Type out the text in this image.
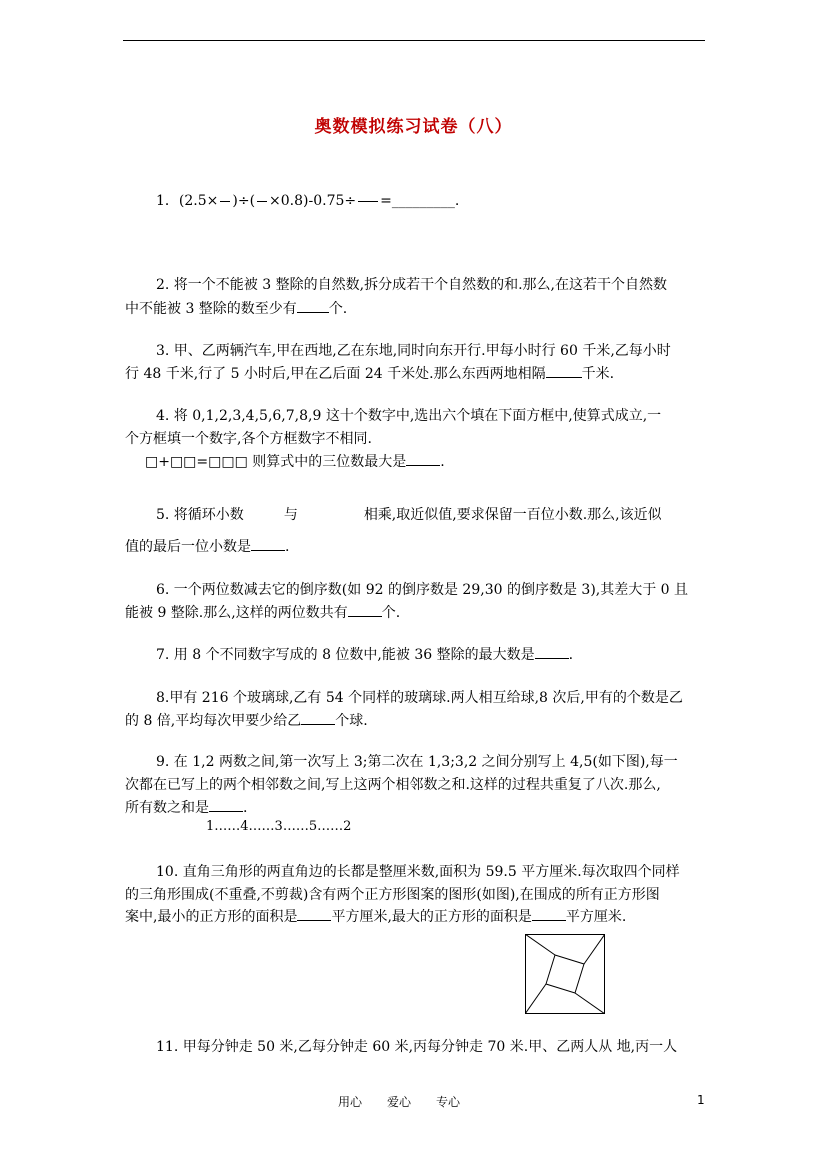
奥数模拟练习试卷（八）
1．(2.5× )÷( ×0.8)-0.75÷ =_________.
2. 将一个不能被 3 整除的自然数,拆分成若干个自然数的和.那么,在这若干个自然数
中不能被 3 整除的数至少有 个.
3. 甲、乙两辆汽车,甲在西地,乙在东地,同时向东开行.甲每小时行 60 千米,乙每小时
行 48 千米,行了 5 小时后,甲在乙后面 24 千米处.那么东西两地相隔	千米.
4. 将 0,1,2,3,4,5,6,7,8,9 这十个数字中,选出六个填在下面方框中,使算式成立,一
个方框填一个数字,各个方框数字不相同.
□+□□=□□□ 则算式中的三位数最大是 .
5. 将循环小数	与	相乘,取近似值,要求保留一百位小数.那么,该近似
值的最后一位小数是 .
6. 一个两位数减去它的倒序数(如 92 的倒序数是 29,30 的倒序数是 3),其差大于 0 且
能被 9 整除.那么,这样的两位数共有 个.
7. 用 8 个不同数字写成的 8 位数中,能被 36 整除的最大数是 .
8.甲有 216 个玻璃球,乙有 54 个同样的玻璃球.两人相互给球,8 次后,甲有的个数是乙
的 8 倍,平均每次甲要少给乙 个球.
9. 在 1,2 两数之间,第一次写上 3;第二次在 1,3;3,2 之间分别写上 4,5(如下图),每一
次都在已写上的两个相邻数之间,写上这两个相邻数之和.这样的过程共重复了八次.那么,
所有数之和是 .
1……4……3……5……2
10. 直角三角形的两直角边的长都是整厘米数,面积为 59.5 平方厘米.每次取四个同样
的三角形围成(不重叠,不剪裁)含有两个正方形图案的图形(如图),在围成的所有正方形图
案中,最小的正方形的面积是 平方厘米,最大的正方形的面积是 平方厘米.
11. 甲每分钟走 50 米,乙每分钟走 60 米,丙每分钟走 70 米.甲、乙两人从 地,丙一人
用心 爱心 专心	1
